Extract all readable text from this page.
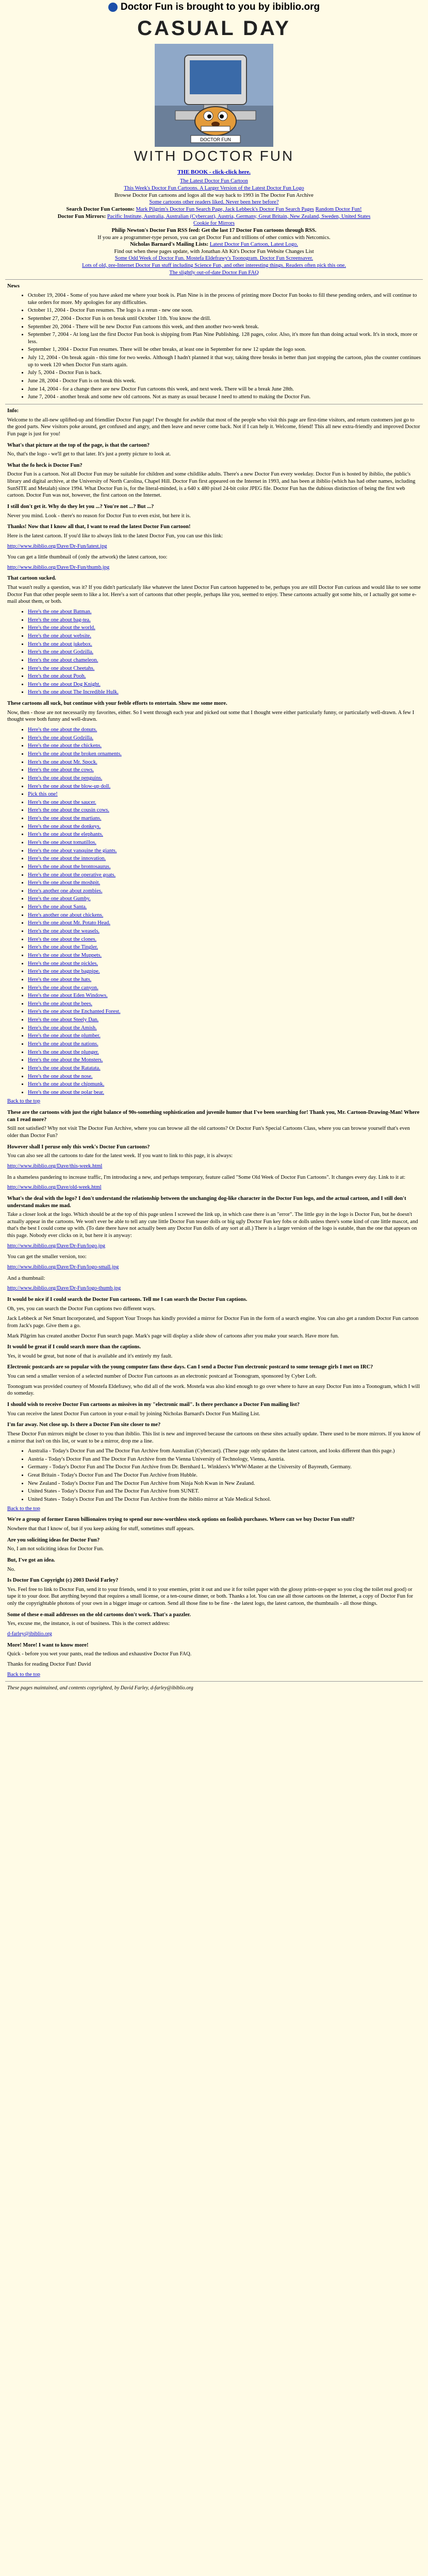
Doctor Fun is brought to you by ibiblio.org
CASUAL DAY
DOCTOR FUN
WITH DOCTOR FUN
THE BOOK - click-click here.
The Latest Doctor Fun Cartoon
This Week's Doctor Fun Cartoons. A Larger Version of the Latest Doctor Fun Logo
Browse Doctor Fun cartoons and logos all the way back to 1993 in The Doctor Fun Archive
Some cartoons other readers liked. Never been here before?
Search Doctor Fun Cartoons: Mark Pilgrim's Doctor Fun Search Page, Jack Lebbeck's Doctor Fun Search Pages Random Doctor Fun!
Doctor Fun Mirrors: Pacific Institute, Australia, Australian (Cybercast), Austria, Germany, Great Britain, New Zealand, Sweden, United States
Cookie for Mirrors
Philip Newton's Doctor Fun RSS feed: Get the last 17 Doctor Fun cartoons through RSS.
If you are a programmer-type person, you can get Doctor Fun and trillions of other comics with Netcomics.
Nicholas Barnard's Mailing Lists: Latest Doctor Fun Cartoon, Latest Logo.
Find out when these pages update, with Jonathan Ah Kit's Doctor Fun Website Changes List
Some Odd Week of Doctor Fun. Mostefa Eldefrawy's Toonogram. Doctor Fun Screensaver.
Lots of old, pre-Internet Doctor Fun stuff including Science Fun, and other interesting things. Readers often pick this one.
The slightly out-of-date Doctor Fun FAQ
News
• October 19, 2004 - Some of you have asked me where your book is. Plan Nine is in the process of printing more Doctor Fun books to fill these pending orders, and will continue to take orders for more. My apologies for any difficulties.
• October 11, 2004 - Doctor Fun resumes. The logo is a rerun - new one soon.
• September 27, 2004 - Doctor Fun is on break until October 11th. You know the drill.
• September 20, 2004 - There will be new Doctor Fun cartoons this week, and then another two-week break.
• September 7, 2004 - At long last the first Doctor Fun book is shipping from Plan Nine Publishing. 128 pages, color. Also, it's more fun than doing actual work. It's in stock, more or less.
• September 1, 2004 - Doctor Fun resumes. There will be other breaks, at least one in September for new 12 update the logo soon.
• July 12, 2004 - On break again - this time for two weeks. Although I hadn't planned it that way, taking three breaks in better than just stopping the cartoon, plus the counter continues up to week 120 when Doctor Fun starts again.
• July 5, 2004 - Doctor Fun is back.
• June 28, 2004 - Doctor Fun is on break this week.
• June 14, 2004 - for a change there are new Doctor Fun cartoons this week, and next week. There will be a break June 28th.
• June 7, 2004 - another break and some new old cartoons. Not as many as usual because I need to attend to making the Doctor Fun.
Info:

Welcome to the all-new uplifted-up and friendlier Doctor Fun page! I've thought for awhile that most of the people who visit this page are first-time visitors, and return customers just go to the good parts. New visitors poke around, get confused and angry, and then leave and never come back. Not if I can help it. Welcome, friend! This all new extra-friendly and improved Doctor Fun page is just for you!

What's that picture at the top of the page, is that the cartoon?

No, that's the logo - we'll get to that later. It's just a pretty picture to look at.

What the fo heck is Doctor Fun?

Doctor Fun is a cartoon. Not all Doctor Fun may be suitable for children and some childlike adults. There's a new Doctor Fun every weekday. Doctor Fun is hosted by ibiblio, the public's library and digital archive, at the University of North Carolina, Chapel Hill. Doctor Fun first appeared on the Internet in 1993, and has been at ibiblio (which has had other names, including SunSITE and Metalab) since 1994. What Doctor Fun is, for the literal-minded, is a 640 x 480 pixel 24-bit color JPEG file. Doctor Fun has the dubious distinction of being the first web cartoon. Doctor Fun was not, however, the first cartoon on the Internet.

I still don't get it. Why do they let you ...? You're not ...? But ...?

Never you mind. Look - there's no reason for Doctor Fun to even exist, but here it is.

Thanks! Now that I know all that, I want to read the latest Doctor Fun cartoon!

Here is the latest cartoon. If you'd like to always link to the latest Doctor Fun, you can use this link:

http://www.ibiblio.org/Dave/Dr-Fun/latest.jpg

You can get a little thumbnail of (only the artwork) the latest cartoon, too:

http://www.ibiblio.org/Dave/Dr-Fun/thumb.jpg
That cartoon sucked.

That wasn't really a question, was it? If you didn't particularly like whatever the latest Doctor Fun cartoon happened to be, perhaps you are still Doctor Fun curious and would like to see some Doctor Fun that other people seem to like a lot. Here's a sort of cartoons that other people, perhaps like you, seemed to enjoy. These cartoons actually got some hits, or I actually got some e-mail about them, or both.

• Here's the one about Batman.
• Here's the one about bag-tea.
• Here's the one about the world.
• Here's the one about website.
• Here's the one about jukebox.
• Here's the one about Godzilla.
• Here's the one about chameleon.
• Here's the one about Cheetahs.
• Here's the one about Pooh.
• Here's the one about Dog Knight.
• Here's the one about The Incredible Hulk.
These cartoons all suck, but continue with your feeble efforts to entertain. Show me some more.

Now, then - those are not necessarily my favorites, either. So I went through each year and picked out some that I thought were either particularly funny, or particularly well-drawn. A few I thought were both funny and well-drawn.

• Here's the one about the donuts.
• Here's the one about Godzilla.
• Here's the one about the chickens.
• Here's the one about the broken ornaments.
• Here's the one about Mr. Spock.
• Here's the one about the cows.
• Here's the one about the penguins.
• Here's the one about the blow-up doll.
• Pick this one!
• Here's the one about the saucer.
• Here's the one about the cousin cows.
• Here's the one about the martians.
• Here's the one about the donkeys.
• Here's the one about the elephants.
• Here's the one about tomatillos.
• Here's the one about vanquine the giants.
• Here's the one about the innovation.
• Here's the one about the brontosaurus.
• Here's the one about the operative goats.
• Here's the one about the moshpit.
• Here's another one about zombies.
• Here's the one about Gumby.
• Here's the one about Santa.
• Here's another one about chickens.
• Here's the one about Mr. Potato Head.
• Here's the one about the weasels.
• Here's the one about the clones.
• Here's the one about the Tingler.
• Here's the one about the Muppets.
• Here's the one about the pickles.
• Here's the one about the bagpipe.
• Here's the one about the hats.
• Here's the one about the canyon.
• Here's the one about Eden Windows.
• Here's the one about the bees.
• Here's the one about the Enchanted Forest.
• Here's the one about Steely Dan.
• Here's the one about the Amish.
• Here's the one about the plumber.
• Here's the one about the nations.
• Here's the one about the plunger.
• Here's the one about the Monsters.
• Here's the one about the Ratatata.
• Here's the one about the nose.
• Here's the one about the chipmunk.
• Here's the one about the polar bear.
Back to the top
These are the cartoons with just the right balance of 90s-something sophistication and juvenile humor that I've been searching for! Thank you, Mr. Cartoon-Drawing-Man! Where can I read more?

Still not satisfied? Why not visit The Doctor Fun Archive, where you can browse all the old cartoons? Or Doctor Fun's Special Cartoons Class, where you can browse yourself that's even older than Doctor Fun?

However shall I peruse only this week's Doctor Fun cartoons?

You can also see all the cartoons to date for the latest week. If you want to link to this page, it is always:

http://www.ibiblio.org/Dave/this-week.html

In a shameless pandering to increase traffic, I'm introducing a new, and perhaps temporary, feature called "Some Old Week of Doctor Fun Cartoons". It changes every day. Link to it at:

http://www.ibiblio.org/Dave/old-week.html
What's the deal with the logo? I don't understand the relationship between the unchanging dog-like character in the Doctor Fun logo, and the actual cartoon, and I still don't understand makes me mad.

Take a closer look at the logo. Which should be at the top of this page unless I screwed the link up, in which case there is an "error". The little guy in the logo is Doctor Fun, but he doesn't actually appear in the cartoons. We won't ever be able to tell any cute little Doctor Fun teaser dolls or big ugly Doctor Fun key fobs or dolls unless there's some kind of cute little mascot, and that's the best I could come up with. (To date there have not actually been any Doctor Fun dolls of any sort at all.) There is a larger version of the logo is eatable, than the one that appears on this page. Nobody ever clicks on it, but here it is anyway:

http://www.ibiblio.org/Dave/Dr-Fun/logo.jpg

You can get the smaller version, too:

http://www.ibiblio.org/Dave/Dr-Fun/logo-small.jpg

And a thumbnail:

http://www.ibiblio.org/Dave/Dr-Fun/logo-thumb.jpg
It would be nice if I could search the Doctor Fun cartoons. Tell me I can search the Doctor Fun captions.

Oh, yes, you can search the Doctor Fun captions two different ways.

Jack Lebbeck at Net Smart Incorporated, and Support Your Troops has kindly provided a mirror for Doctor Fun in the form of a search engine. You can also get a random Doctor Fun cartoon from Jack's page. Give them a go.

Mark Pilgrim has created another Doctor Fun search page. Mark's page will display a slide show of cartoons after you make your search. Have more fun.

It would be great if I could search more than the captions.

Yes, it would be great, but none of that is available and it's entirely my fault.

Electronic postcards are so popular with the young computer fans these days. Can I send a Doctor Fun electronic postcard to some teenage girls I met on IRC?

You can send a smaller version of a selected number of Doctor Fun cartoons as an electronic postcard at Toonogram, sponsored by Cyber Loft.

Toonogram was provided courtesy of Mostefa Eldefrawy, who did all of the work. Mostefa was also kind enough to go over where to have an easy Doctor Fun into a Toonogram, which I will do someday.

I should wish to receive Doctor Fun cartoons as missives in my "electronic mail". Is there perchance a Doctor Fun mailing list?

You can receive the latest Doctor Fun cartoon in your e-mail by joining Nicholas Barnard's Doctor Fun Mailing List.

I'm far away. Not close up. Is there a Doctor Fun site closer to me?

These Doctor Fun mirrors might be closer to you than ibiblio. This list is new and improved because the cartoons on these sites actually update. There used to be more mirrors. If you know of a mirror that isn't on this list, or want to be a mirror, drop me a line.

• Australia - Today's Doctor Fun and The Doctor Fun Archive from Australian (Cybercast). (These page only updates the latest cartoon, and looks different than this page.)
• Austria - Today's Doctor Fun and The Doctor Fun Archive from the Vienna University of Technology, Vienna, Austria.
• Germany - Today's Doctor Fun and The Doctor Fun Archive from Dr. Bernhard L. Winklers's WWW-Master at the University of Bayreuth, Germany.
• Great Britain - Today's Doctor Fun and The Doctor Fun Archive from Hubble.
• New Zealand - Today's Doctor Fun and The Doctor Fun Archive from Ninja Noh Kwan in New Zealand.
• United States - Today's Doctor Fun and The Doctor Fun Archive from SUNET.
• United States - Today's Doctor Fun and The Doctor Fun Archive from the ibiblio mirror at Yale Medical School.
Back to the top
We're a group of former Enron billionaires trying to spend our now-worthless stock options on foolish purchases. Where can we buy Doctor Fun stuff?

Nowhere that that I know of, but if you keep asking for stuff, sometimes stuff appears.

Are you soliciting ideas for Doctor Fun?

No, I am not soliciting ideas for Doctor Fun.

But, I've got an idea.

No.

Is Doctor Fun Copyright (c) 2003 David Farley?

Yes. Feel free to link to Doctor Fun, send it to your friends, send it to your enemies, print it out and use it for toilet paper with the glossy prints-or-paper so you clog the toilet real good) or tape it to your door. But anything beyond that requires a small license, or a ten-course dinner, or both. Thanks a lot. You can use all those cartoons on the Internet, a copy of Doctor Fun for only the copyrightable photons of your own in a bigger image or cartoon. Send all those fine to be fine - the latest logo, the latest cartoon, the thumbnails - all those things.

Some of these e-mail addresses on the old cartoons don't work. That's a pazzler.

Yes, excuse me, the instance, is out of business. This is the correct address:

d-farley@ibiblio.org
More! More! I want to know more!

Quick - before you wet your pants, read the tedious and exhaustive Doctor Fun FAQ.

Thanks for reading Doctor Fun! David

Back to the top
These pages maintained, and contents copyrighted, by David Farley, d-farley@ibiblio.org
